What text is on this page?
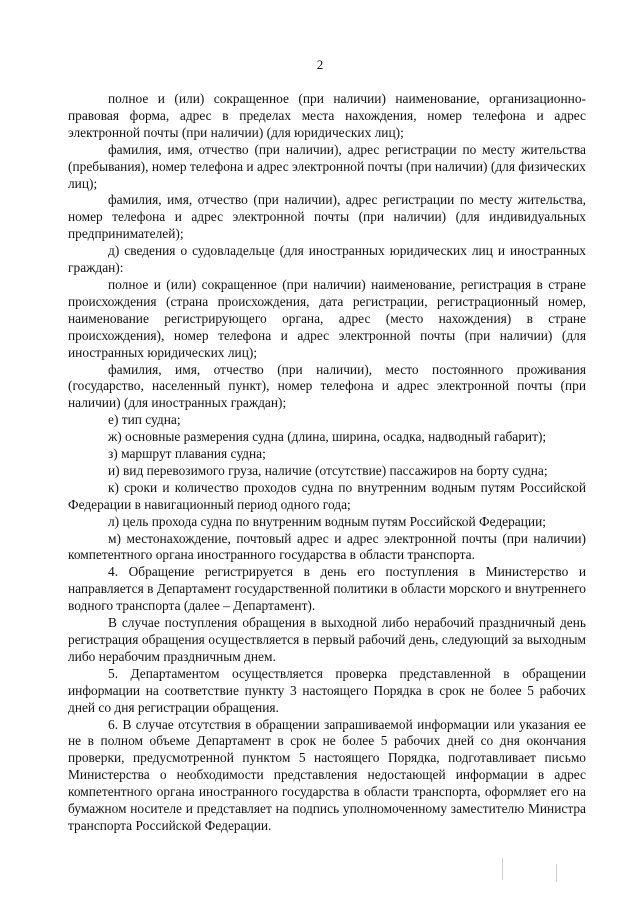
2

полное и (или) сокращенное (при наличии) наименование, организационно-правовая форма, адрес в пределах места нахождения, номер телефона и адрес электронной почты (при наличии) (для юридических лиц);

фамилия, имя, отчество (при наличии), адрес регистрации по месту жительства (пребывания), номер телефона и адрес электронной почты (при наличии) (для физических лиц);

фамилия, имя, отчество (при наличии), адрес регистрации по месту жительства, номер телефона и адрес электронной почты (при наличии) (для индивидуальных предпринимателей);

д) сведения о судовладельце (для иностранных юридических лиц и иностранных граждан):

полное и (или) сокращенное (при наличии) наименование, регистрация в стране происхождения (страна происхождения, дата регистрации, регистрационный номер, наименование регистрирующего органа, адрес (место нахождения) в стране происхождения), номер телефона и адрес электронной почты (при наличии) (для иностранных юридических лиц);

фамилия, имя, отчество (при наличии), место постоянного проживания (государство, населенный пункт), номер телефона и адрес электронной почты (при наличии) (для иностранных граждан);

е) тип судна;

ж) основные размерения судна (длина, ширина, осадка, надводный габарит);

з) маршрут плавания судна;

и) вид перевозимого груза, наличие (отсутствие) пассажиров на борту судна;

к) сроки и количество проходов судна по внутренним водным путям Российской Федерации в навигационный период одного года;

л) цель прохода судна по внутренним водным путям Российской Федерации;

м) местонахождение, почтовый адрес и адрес электронной почты (при наличии) компетентного органа иностранного государства в области транспорта.

4. Обращение регистрируется в день его поступления в Министерство и направляется в Департамент государственной политики в области морского и внутреннего водного транспорта (далее – Департамент).

В случае поступления обращения в выходной либо нерабочий праздничный день регистрация обращения осуществляется в первый рабочий день, следующий за выходным либо нерабочим праздничным днем.

5. Департаментом осуществляется проверка представленной в обращении информации на соответствие пункту 3 настоящего Порядка в срок не более 5 рабочих дней со дня регистрации обращения.

6. В случае отсутствия в обращении запрашиваемой информации или указания ее не в полном объеме Департамент в срок не более 5 рабочих дней со дня окончания проверки, предусмотренной пунктом 5 настоящего Порядка, подготавливает письмо Министерства о необходимости представления недостающей информации в адрес компетентного органа иностранного государства в области транспорта, оформляет его на бумажном носителе и представляет на подпись уполномоченному заместителю Министра транспорта Российской Федерации.
